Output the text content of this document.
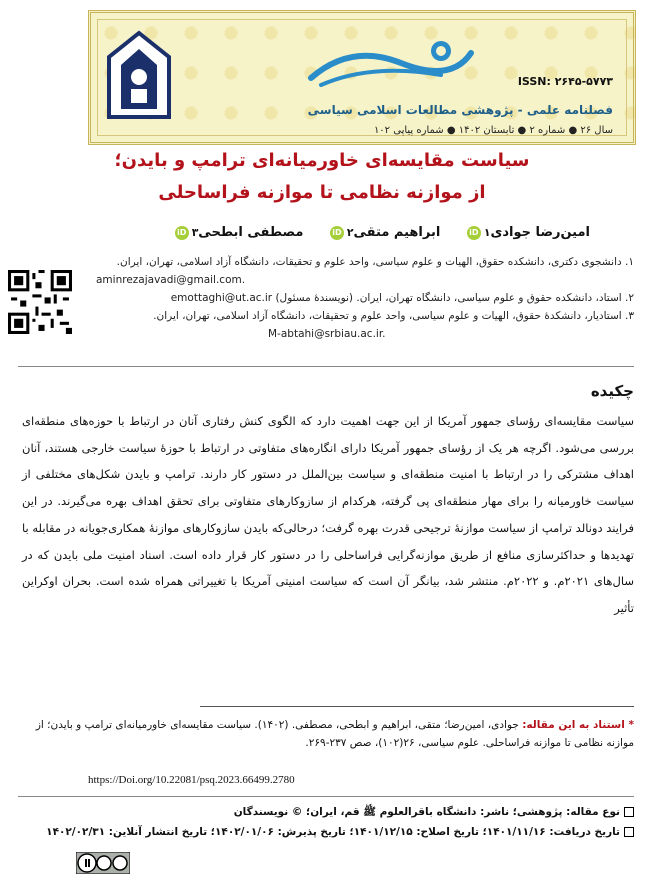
ISSN: ۲۶۴۵-۵۷۷۳
فصلنامه علمی - پژوهشی مطالعات اسلامی سیاسی
سال ۲۶ ● شماره ۲ ● تابستان ۱۴۰۲ ● شماره پیاپی ۱۰۲
سیاست مقایسه‌ای خاورمیانه‌ای ترامپ و بایدن؛
از موازنه نظامی تا موازنه فراساحلی
امین‌رضا جوادی
۱
iD

ابراهیم متقی
۲
iD

مصطفی ابطحی
۳
iD
۱. دانشجوی دکتری، دانشکده حقوق، الهیات و علوم سیاسی، واحد علوم و تحقیقات، دانشگاه آزاد اسلامی، تهران، ایران.
aminrezajavadi@gmail.com.
۲. استاد، دانشکده حقوق و علوم سیاسی، دانشگاه تهران، ایران. (نویسندهٔ مسئول) emottaghi@ut.ac.ir
۳. استادیار، دانشکدهٔ حقوق، الهیات و علوم سیاسی، واحد علوم و تحقیقات، دانشگاه آزاد اسلامی، تهران، ایران.
M-abtahi@srbiau.ac.ir.
چکیده
سیاست مقایسه‌ای رؤسای جمهور آمریکا از این جهت اهمیت دارد که الگوی کنش رفتاری آنان در ارتباط با حوزه‌های منطقه‌ای بررسی می‌شود. اگرچه هر یک از رؤسای جمهور آمریکا دارای انگاره‌های متفاوتی در ارتباط با حوزهٔ سیاست خارجی هستند، آنان اهداف مشترکی را در ارتباط با امنیت منطقه‌ای و سیاست بین‌الملل در دستور کار دارند. ترامپ و بایدن شکل‌های مختلفی از سیاست خاورمیانه را برای مهار منطقه‌ای پی گرفته، هرکدام از سازوکارهای متفاوتی برای تحقق اهداف بهره می‌گیرند. در این فرایند دونالد ترامپ از سیاست موازنهٔ ترجیحی قدرت بهره گرفت؛ درحالی‌که بایدن سازوکارهای موازنهٔ همکاری‌جویانه در مقابله با تهدیدها و حداکثرسازی منافع از طریق موازنه‌گرایی فراساحلی را در دستور کار قرار داده است. اسناد امنیت ملی بایدن که در سال‌های ۲۰۲۱م. و ۲۰۲۲م. منتشر شد، بیانگر آن است که سیاست امنیتی آمریکا با تغییراتی همراه شده است. بحران اوکراین تأثیر
* استناد به این مقاله: جوادی، امین‌رضا؛ متقی، ابراهیم و ابطحی، مصطفی. (۱۴۰۲). سیاست مقایسه‌ای خاورمیانه‌ای ترامپ و بایدن؛ از موازنه نظامی تا موازنه فراساحلی. علوم سیاسی، ۲۶(۱۰۲)، صص ۲۳۷-۲۶۹.
https://Doi.org/10.22081/psq.2023.66499.2780
نوع مقاله: پژوهشی؛ ناشر: دانشگاه باقرالعلوم ﷺ قم، ایران؛ © نویسندگان
تاریخ دریافت: ۱۴۰۱/۱۱/۱۶؛ تاریخ اصلاح: ۱۴۰۱/۱۲/۱۵؛ تاریخ پذیرش: ۱۴۰۲/۰۱/۰۶؛ تاریخ انتشار آنلاین: ۱۴۰۲/۰۲/۳۱
